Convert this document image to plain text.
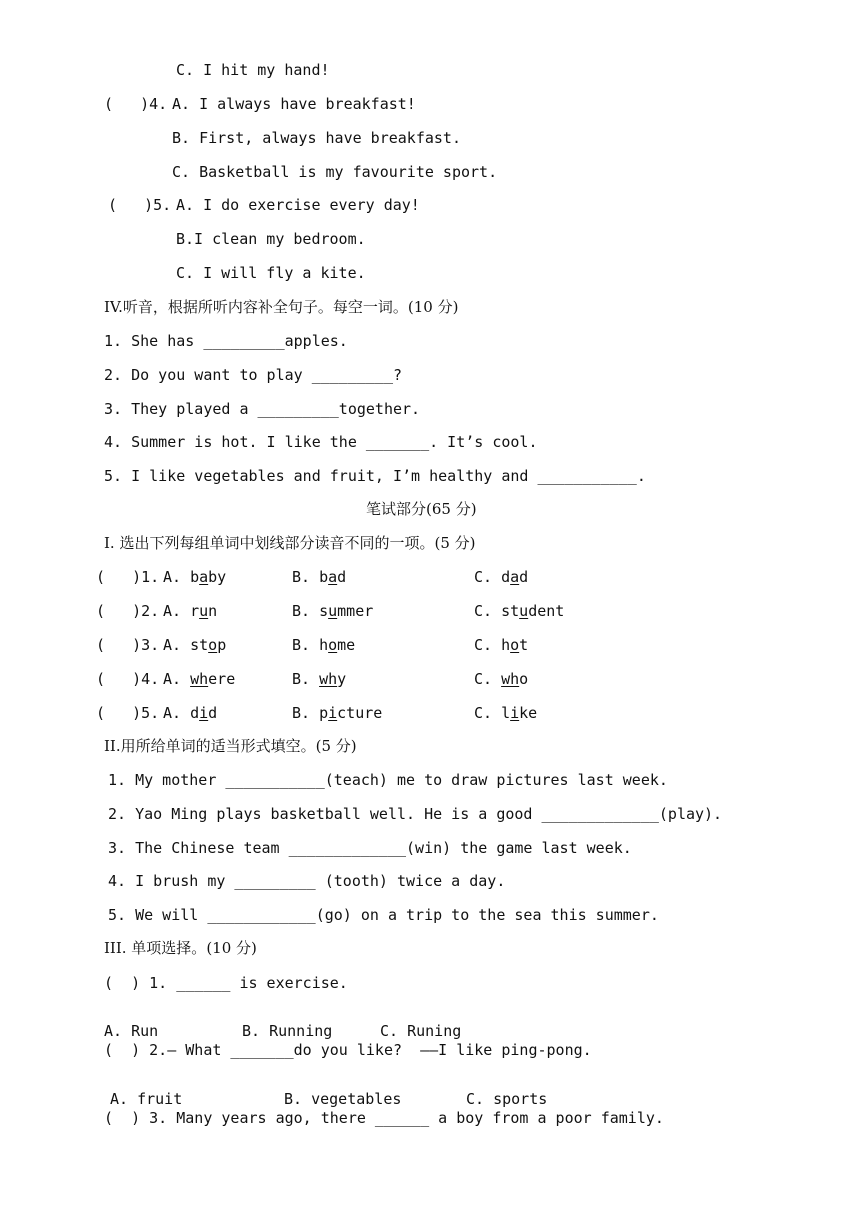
C. I hit my hand!

(   )4. A. I always have breakfast!

B. First, always have breakfast.

C. Basketball is my favourite sport.

(   )5. A. I do exercise every day!

B.I clean my bedroom.

C. I will fly a kite.

IV.听音，根据所听内容补全句子。每空一词。(10 分)

1. She has _________apples.

2. Do you want to play _________?

3. They played a _________together.

4. Summer is hot. I like the _______. It’s cool.

5. I like vegetables and fruit, I’m healthy and ___________.

笔试部分(65 分)

I. 选出下列每组单词中划线部分读音不同的一项。(5 分)

(   )1. A. baby	B. bad	C. dad
(   )2. A. run	B. summer	C. student
(   )3. A. stop	B. home	C. hot
(   )4. A. where	B. why	C. who
(   )5. A. did	B. picture	C. like

II.用所给单词的适当形式填空。(5 分)

1. My mother ___________(teach) me to draw pictures last week.

2. Yao Ming plays basketball well. He is a good _____________(play).

3. The Chinese team _____________(win) the game last week.

4. I brush my _________ (tooth) twice a day.

5. We will ____________(go) on a trip to the sea this summer.

III. 单项选择。(10 分)

(  ) 1. ______ is exercise.

A. Run	B. Running	C. Runing

(  ) 2.— What _______do you like?  ——I like ping-pong.

A. fruit	B. vegetables	C. sports

(  ) 3. Many years ago, there ______ a boy from a poor family.
